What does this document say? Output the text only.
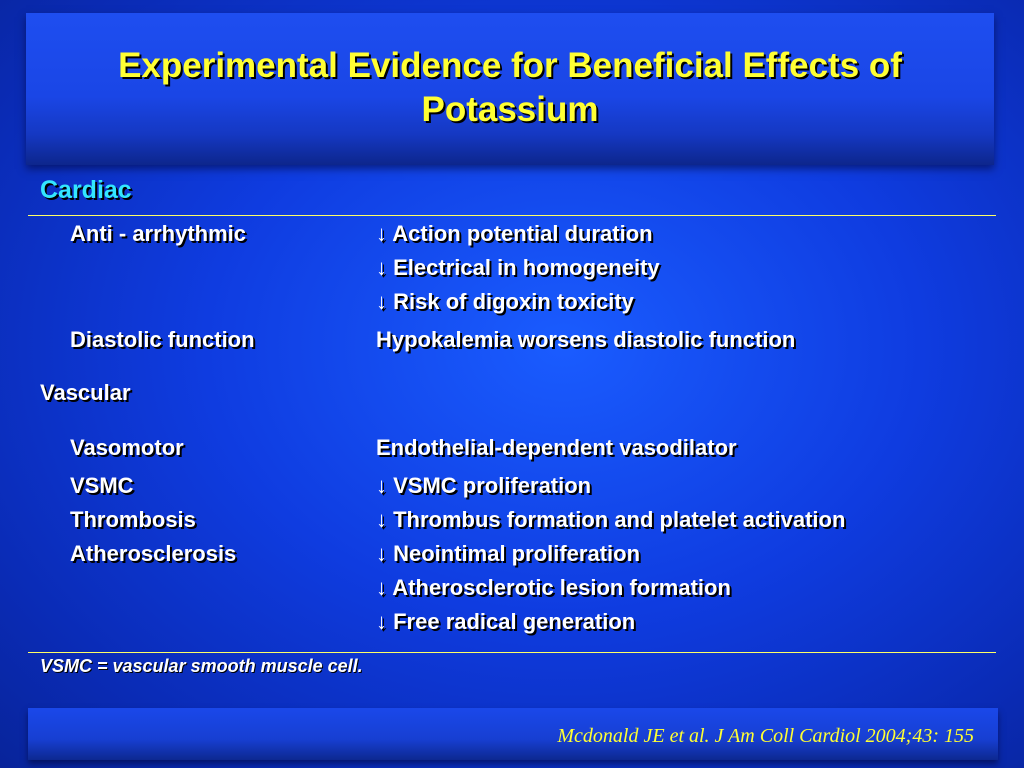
Experimental Evidence for Beneficial Effects of Potassium
Cardiac
Anti - arrhythmic	↓ Action potential duration
↓ Electrical in homogeneity
↓ Risk of digoxin toxicity
Diastolic function	Hypokalemia worsens diastolic function
Vascular
Vasomotor	Endothelial-dependent vasodilator
VSMC	↓ VSMC proliferation
Thrombosis	↓ Thrombus formation and platelet activation
Atherosclerosis	↓ Neointimal proliferation
↓ Atherosclerotic lesion formation
↓ Free radical generation
VSMC = vascular smooth muscle cell.
Mcdonald JE et al. J Am Coll Cardiol 2004;43: 155
